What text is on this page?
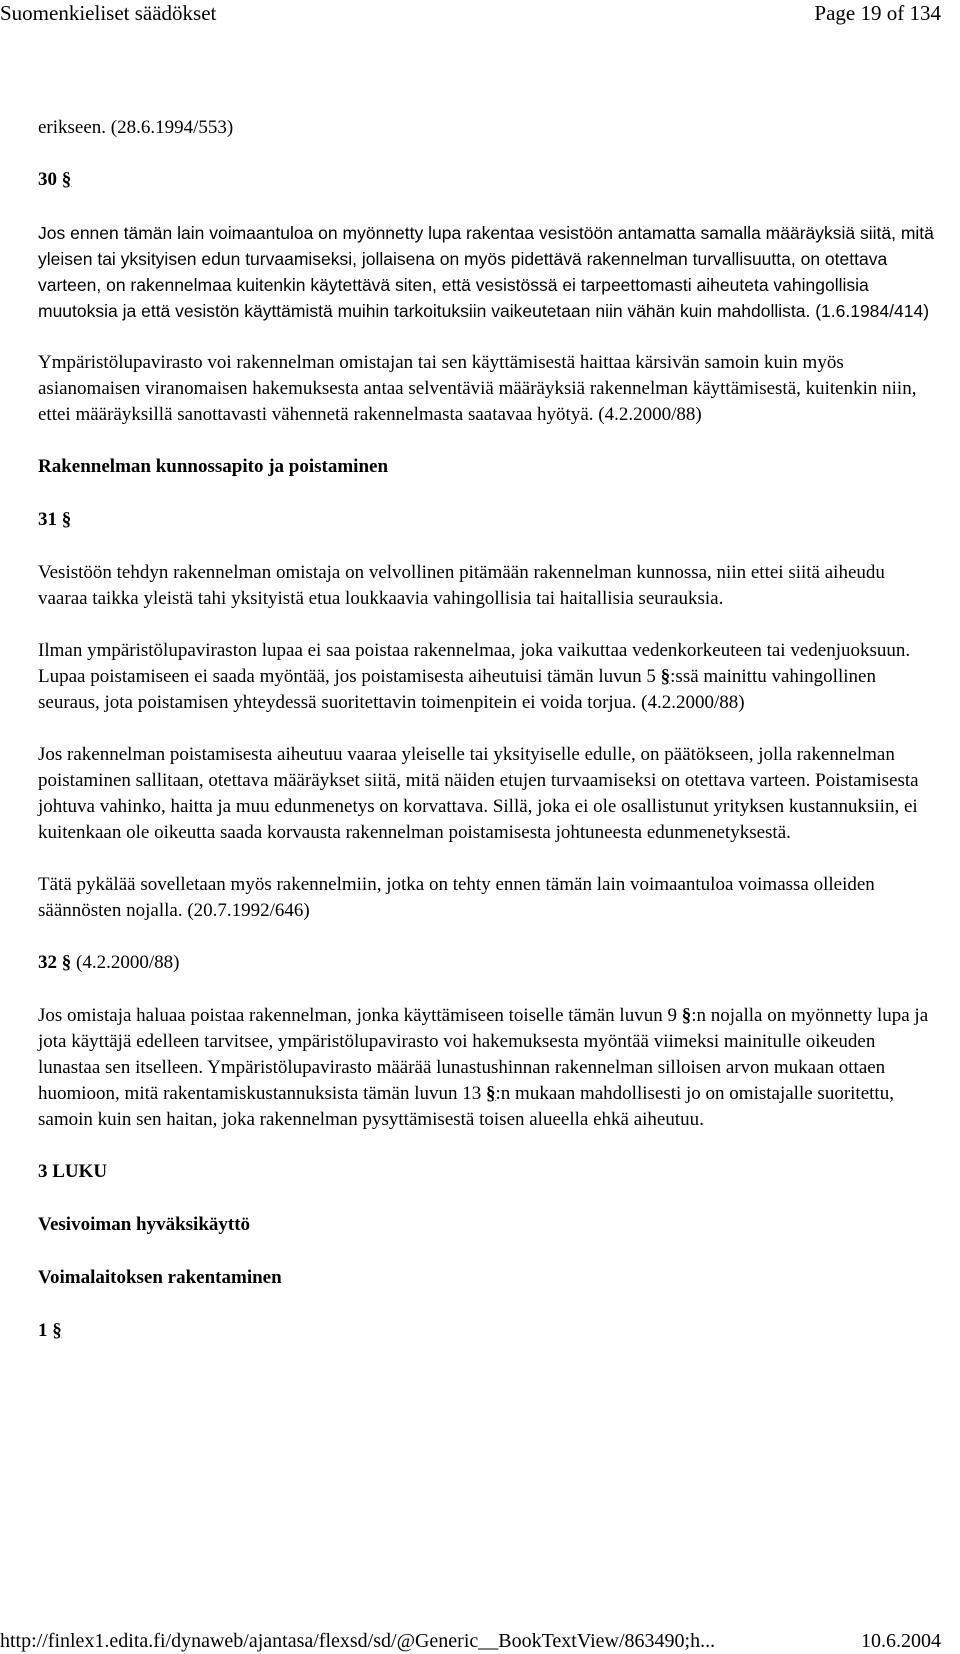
Suomenkieliset säädökset	Page 19 of 134

erikseen. (28.6.1994/553)

30 §

Jos ennen tämän lain voimaantuloa on myönnetty lupa rakentaa vesistöön antamatta samalla määräyksiä siitä, mitä yleisen tai yksityisen edun turvaamiseksi, jollaisena on myös pidettävä rakennelman turvallisuutta, on otettava varteen, on rakennelmaa kuitenkin käytettävä siten, että vesistössä ei tarpeettomasti aiheuteta vahingollisia muutoksia ja että vesistön käyttämistä muihin tarkoituksiin vaikeutetaan niin vähän kuin mahdollista. (1.6.1984/414)

Ympäristölupavirasto voi rakennelman omistajan tai sen käyttämisestä haittaa kärsivän samoin kuin myös asianomaisen viranomaisen hakemuksesta antaa selventäviä määräyksiä rakennelman käyttämisestä, kuitenkin niin, ettei määräyksillä sanottavasti vähennetä rakennelmasta saatavaa hyötyä. (4.2.2000/88)

Rakennelman kunnossapito ja poistaminen

31 §

Vesistöön tehdyn rakennelman omistaja on velvollinen pitämään rakennelman kunnossa, niin ettei siitä aiheudu vaaraa taikka yleistä tahi yksityistä etua loukkaavia vahingollisia tai haitallisia seurauksia.

Ilman ympäristölupaviraston lupaa ei saa poistaa rakennelmaa, joka vaikuttaa vedenkorkeuteen tai vedenjuoksuun. Lupaa poistamiseen ei saada myöntää, jos poistamisesta aiheutuisi tämän luvun 5 §:ssä mainittu vahingollinen seuraus, jota poistamisen yhteydessä suoritettavin toimenpitein ei voida torjua. (4.2.2000/88)

Jos rakennelman poistamisesta aiheutuu vaaraa yleiselle tai yksityiselle edulle, on päätökseen, jolla rakennelman poistaminen sallitaan, otettava määräykset siitä, mitä näiden etujen turvaamiseksi on otettava varteen. Poistamisesta johtuva vahinko, haitta ja muu edunmenetys on korvattava. Sillä, joka ei ole osallistunut yrityksen kustannuksiin, ei kuitenkaan ole oikeutta saada korvausta rakennelman poistamisesta johtuneesta edunmenetyksestä.

Tätä pykälää sovelletaan myös rakennelmiin, jotka on tehty ennen tämän lain voimaantuloa voimassa olleiden säännösten nojalla. (20.7.1992/646)

32 § (4.2.2000/88)

Jos omistaja haluaa poistaa rakennelman, jonka käyttämiseen toiselle tämän luvun 9 §:n nojalla on myönnetty lupa ja jota käyttäjä edelleen tarvitsee, ympäristölupavirasto voi hakemuksesta myöntää viimeksi mainitulle oikeuden lunastaa sen itselleen. Ympäristölupavirasto määrää lunastushinnan rakennelman silloisen arvon mukaan ottaen huomioon, mitä rakentamiskustannuksista tämän luvun 13 §:n mukaan mahdollisesti jo on omistajalle suoritettu, samoin kuin sen haitan, joka rakennelman pysyttämisestä toisen alueella ehkä aiheutuu.

3 LUKU

Vesivoiman hyväksikäyttö

Voimalaitoksen rakentaminen

1 §

http://finlex1.edita.fi/dynaweb/ajantasa/flexsd/sd/@Generic__BookTextView/863490;h...	10.6.2004
